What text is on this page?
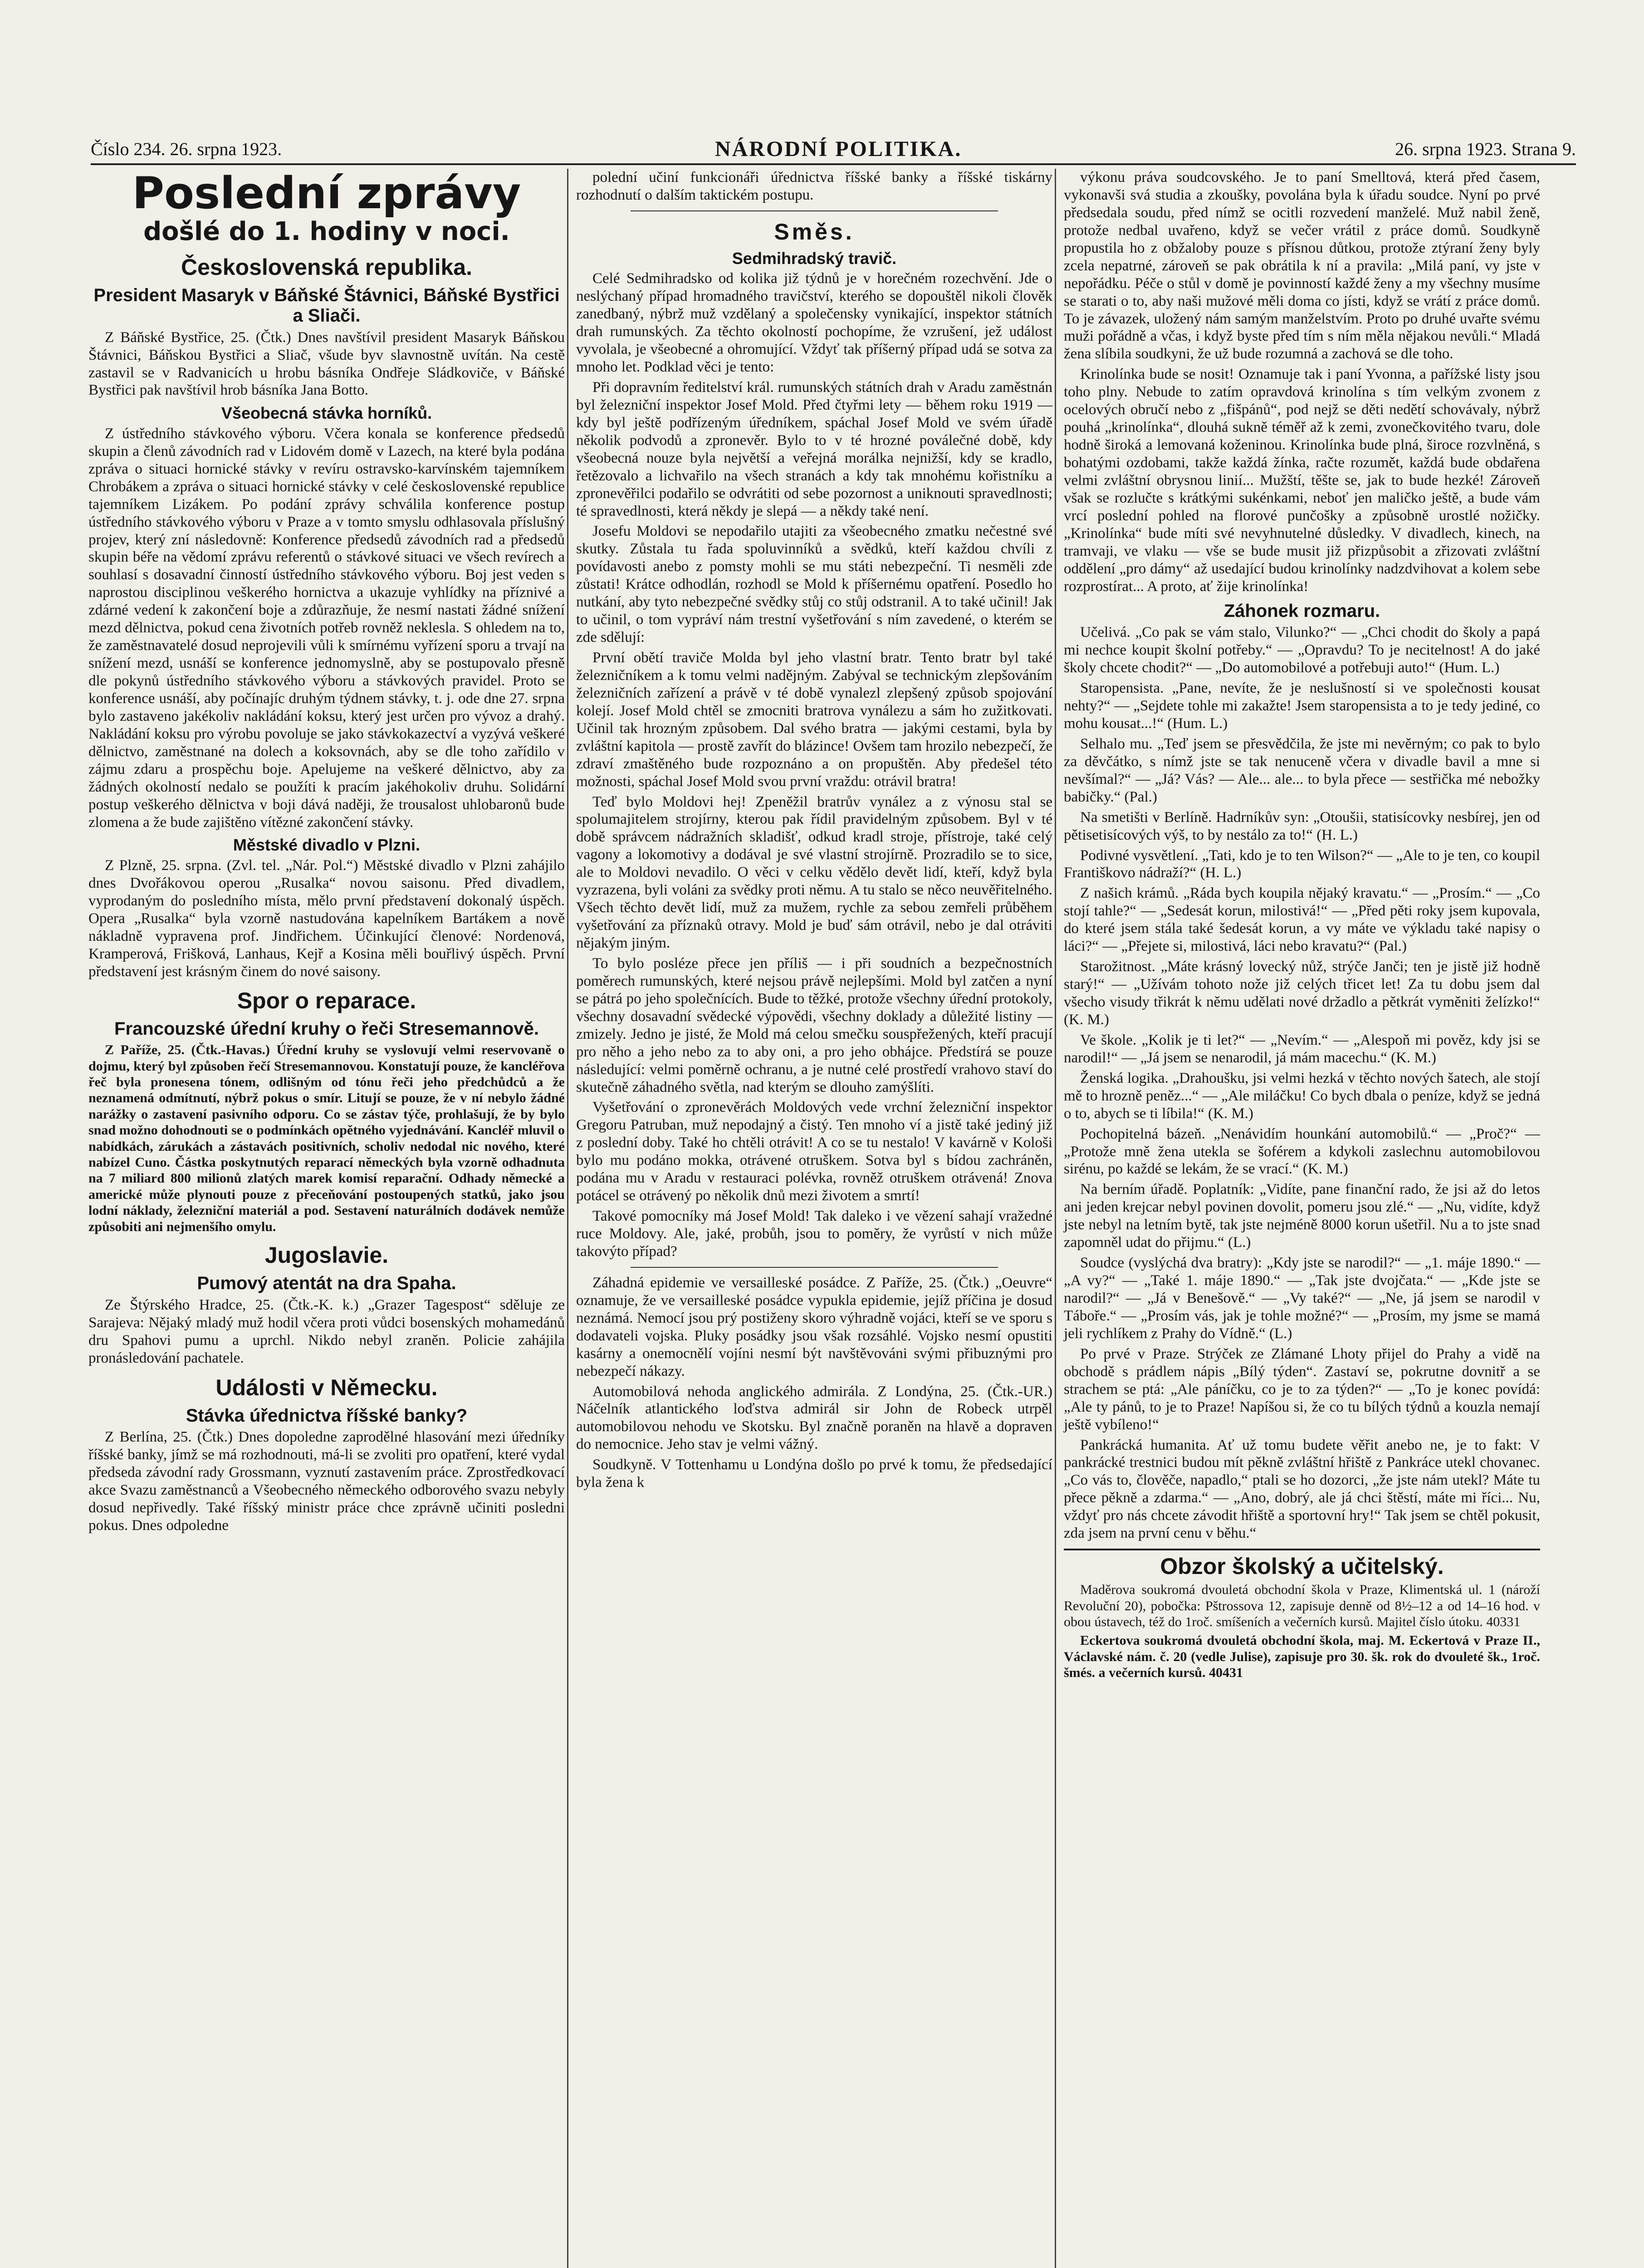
Číslo 234. 26. srpna 1923.	NÁRODNÍ POLITIKA.	26. srpna 1923. Strana 9.
Poslední zprávy
došlé do 1. hodiny v noci.
Československá republika.
President Masaryk v Báňské Štávnici, Báňské Bystřici a Sliači.

Z Báňské Bystřice, 25. (Čtk.) Dnes navštívil president Masaryk Báňskou Štávnici, Báňskou Bystřici a Sliač, všude byv slavnostně uvítán. Na cestě zastavil se v Radvanicích u hrobu básníka Ondřeje Sládkoviče, v Báňské Bystřici pak navštívil hrob básníka Jana Botto.

Všeobecná stávka horníků.

Z ústředního stávkového výboru. Včera konala se konference předsedů skupin a členů závodních rad v Lidovém domě v Lazech, na které byla podána zpráva o situaci hornické stávky v revíru ostravsko-karvínském tajemníkem Chrobákem a zpráva o situaci hornické stávky v celé československé republice tajemníkem Lizákem. Po podání zprávy schválila konference postup ústředního stávkového výboru v Praze a v tomto smyslu odhlasovala příslušný projev, který zní následovně: Konference předsedů závodních rad a předsedů skupin béře na vědomí zprávu referentů o stávkové situaci ve všech revírech a souhlasí s dosavadní činností ústředního stávkového výboru. Boj jest veden s naprostou disciplinou veškerého hornictva a ukazuje vyhlídky na příznivé a zdárné vedení k zakončení boje a zdůrazňuje, že nesmí nastati žádné snížení mezd dělnictva, pokud cena životních potřeb rovněž neklesla. S ohledem na to, že zaměstnavatelé dosud neprojevili vůli k smírnému vyřízení sporu a trvají na snížení mezd, usnáší se konference jednomyslně, aby se postupovalo přesně dle pokynů ústředního stávkového výboru a stávkových pravidel. Proto se konference usnáší, aby počínajíc druhým týdnem stávky, t. j. ode dne 27. srpna bylo zastaveno jakékoliv nakládání koksu, který jest určen pro vývoz a drahý. Nakládání koksu pro výrobu povoluje se jako stávkokazectví a vyzývá veškeré dělnictvo, zaměstnané na dolech a koksovnách, aby se dle toho zařídilo v zájmu zdaru a prospěchu boje. Apelujeme na veškeré dělnictvo, aby za žádných okolností nedalo se použíti k pracím jakéhokoliv druhu. Solidární postup veškerého dělnictva v boji dává naději, že trousalost uhlobaronů bude zlomena a že bude zajištěno vítězné zakončení stávky.

Městské divadlo v Plzni.

Z Plzně, 25. srpna. (Zvl. tel. „Nár. Pol.“) Městské divadlo v Plzni zahájilo dnes Dvořákovou operou „Rusalka“ novou saisonu. Před divadlem, vyprodaným do posledního místa, mělo první představení dokonalý úspěch. Opera „Rusalka“ byla vzorně nastudována kapelníkem Bartákem a nově nákladně vypravena prof. Jindřichem. Účinkující členové: Nordenová, Kramperová, Frišková, Lanhaus, Kejř a Kosina měli bouřlivý úspěch. První představení jest krásným činem do nové saisony.

Spor o reparace.
Francouzské úřední kruhy o řeči Stresemannově.

Z Paříže, 25. (Čtk.-Havas.) Úřední kruhy se vyslovují velmi reservovaně o dojmu, který byl způsoben řečí Stresemannovou. Konstatují pouze, že kancléřova řeč byla pronesena tónem, odlišným od tónu řeči jeho předchůdců a že neznamená odmítnutí, nýbrž pokus o smír. Litují se pouze, že v ní nebylo žádné narážky o zastavení pasivního odporu. Co se zástav týče, prohlašují, že by bylo snad možno dohodnouti se o podmínkách opětného vyjednávání. Kancléř mluvil o nabídkách, zárukách a zástavách positivních, scholiv nedodal nic nového, které nabízel Cuno. Částka poskytnutých reparací německých byla vzorně odhadnuta na 7 miliard 800 milionů zlatých marek komisí reparační. Odhady německé a americké může plynouti pouze z přeceňování postoupených statků, jako jsou lodní náklady, železniční materiál a pod. Sestavení naturálních dodávek nemůže způsobiti ani nejmenšího omylu.

Jugoslavie.
Pumový atentát na dra Spaha.

Ze Štýrského Hradce, 25. (Čtk.-K. k.) „Grazer Tagespost“ sděluje ze Sarajeva: Nějaký mladý muž hodil včera proti vůdci bosenských mohamedánů dru Spahovi pumu a uprchl. Nikdo nebyl zraněn. Policie zahájila pronásledování pachatele.

Události v Německu.
Stávka úřednictva říšské banky?

Z Berlína, 25. (Čtk.) Dnes dopoledne zaprodělné hlasování mezi úředníky říšské banky, jímž se má rozhodnouti, má-li se zvoliti pro opatření, které vydal předseda závodní rady Grossmann, vyznutí zastavením práce. Zprostředkovací akce Svazu zaměstnanců a Všeobecného německého odborového svazu nebyly dosud nepřivedly. Také říšský ministr práce chce zprávně učiniti posledni pokus. Dnes odpoledne

polední učiní funkcionáři úřednictva říšské banky a říšské tiskárny rozhodnutí o dalším taktickém postupu.

Směs.
Sedmihradský travič.

Celé Sedmihradsko od kolika již týdnů je v horečném rozechvění. Jde o neslýchaný případ hromadného travičství, kterého se dopouštěl nikoli člověk zanedbaný, nýbrž muž vzdělaný a společensky vynikající, inspektor státních drah rumunských. Za těchto okolností pochopíme, že vzrušení, jež událost vyvolala, je všeobecné a ohromující. Vždyť tak příšerný případ udá se sotva za mnoho let. Podklad věci je tento:

Při dopravním ředitelství král. rumunských státních drah v Aradu zaměstnán byl železniční inspektor Josef Mold. Před čtyřmi lety — během roku 1919 — kdy byl ještě podřízeným úředníkem, spáchal Josef Mold ve svém úřadě několik podvodů a zpronevěr. Bylo to v té hrozné poválečné době, kdy všeobecná nouze byla největší a veřejná morálka nejnižší, kdy se kradlo, řetězovalo a lichvařilo na všech stranách a kdy tak mnohému kořistníku a zpronevěřilci podařilo se odvrátiti od sebe pozornost a uniknouti spravedlnosti; té spravedlnosti, která někdy je slepá — a někdy také není.

Josefu Moldovi se nepodařilo utajiti za všeobecného zmatku nečestné své skutky. Zůstala tu řada spoluvinníků a svědků, kteří každou chvíli z povídavosti anebo z pomsty mohli se mu státi nebezpeční. Ti nesměli zde zůstati! Krátce odhodlán, rozhodl se Mold k příšernému opatření. Posedlo ho nutkání, aby tyto nebezpečné svědky stůj co stůj odstranil. A to také učinil! Jak to učinil, o tom vypráví nám trestní vyšetřování s ním zavedené, o kterém se zde sdělují:

První obětí traviče Molda byl jeho vlastní bratr. Tento bratr byl také železničníkem a k tomu velmi nadějným. Zabýval se technickým zlepšováním železničních zařízení a právě v té době vynalezl zlepšený způsob spojování kolejí. Josef Mold chtěl se zmocniti bratrova vynálezu a sám ho zužitkovati. Učinil tak hrozným způsobem. Dal svého bratra — jakými cestami, byla by zvláštní kapitola — prostě zavřít do blázince! Ovšem tam hrozilo nebezpečí, že zdraví zmaštěného bude rozpoznáno a on propuštěn. Aby předešel této možnosti, spáchal Josef Mold svou první vraždu: otrávil bratra!

Teď bylo Moldovi hej! Zpeněžil bratrův vynález a z výnosu stal se spolumajitelem strojírny, kterou pak řídil pravidelným způsobem. Byl v té době správcem nádražních skladišť, odkud kradl stroje, přístroje, také celý vagony a lokomotivy a dodával je své vlastní strojírně. Prozradilo se to sice, ale to Moldovi nevadilo. O věci v celku vědělo devět lidí, kteří, když byla vyzrazena, byli voláni za svědky proti němu. A tu stalo se něco neuvěřitelného. Všech těchto devět lidí, muž za mužem, rychle za sebou zemřeli průběhem vyšetřování za příznaků otravy. Mold je buď sám otrávil, nebo je dal otráviti nějakým jiným.

To bylo posléze přece jen příliš — i při soudních a bezpečnostních poměrech rumunských, které nejsou právě nejlepšími. Mold byl zatčen a nyní se pátrá po jeho společnících. Bude to těžké, protože všechny úřední protokoly, všechny dosavadní svědecké výpovědi, všechny doklady a důležité listiny — zmizely. Jedno je jisté, že Mold má celou smečku souspřežených, kteří pracují pro něho a jeho nebo za to aby oni, a pro jeho obhájce. Předstírá se pouze následující: velmi poměrně ochranu, a je nutné celé prostředí vrahovo staví do skutečně záhadného světla, nad kterým se dlouho zamýšlíti.

Vyšetřování o zpronevěrách Moldových vede vrchní železniční inspektor Gregoru Patruban, muž nepodajný a čistý. Ten mnoho ví a jistě také jediný již z poslední doby. Také ho chtěli otrávit! A co se tu nestalo! V kavárně v Kološi bylo mu podáno mokka, otrávené otruškem. Sotva byl s bídou zachráněn, podána mu v Aradu v restauraci polévka, rovněž otruškem otrávená! Znova potácel se otrávený po několik dnů mezi životem a smrtí!

Takové pomocníky má Josef Mold! Tak daleko i ve vězení sahají vražedné ruce Moldovy. Ale, jaké, probůh, jsou to poměry, že vyrůstí v nich může takovýto případ?

Záhadná epidemie ve versailleské posádce. Z Paříže, 25. (Čtk.) „Oeuvre“ oznamuje, že ve versailleské posádce vypukla epidemie, jejíž příčina je dosud neznámá. Nemocí jsou prý postiženy skoro výhradně vojáci, kteří se ve sporu s dodavateli vojska. Pluky posádky jsou však rozsáhlé. Vojsko nesmí opustiti kasárny a onemocnělí vojíni nesmí být navštěvováni svými přibuznými pro nebezpečí nákazy.

Automobilová nehoda anglického admirála. Z Londýna, 25. (Čtk.-UR.) Náčelník atlantického loďstva admirál sir John de Robeck utrpěl automobilovou nehodu ve Skotsku. Byl značně poraněn na hlavě a dopraven do nemocnice. Jeho stav je velmi vážný.

Soudkyně. V Tottenhamu u Londýna došlo po prvé k tomu, že předsedající byla žena k

výkonu práva soudcovského. Je to paní Smelltová, která před časem, vykonavši svá studia a zkoušky, povolána byla k úřadu soudce. Nyní po prvé předsedala soudu, před nímž se ocitli rozvedení manželé. Muž nabil ženě, protože nedbal uvařeno, když se večer vrátil z práce domů. Soudkyně propustila ho z obžaloby pouze s přísnou důtkou, protože ztýraní ženy byly zcela nepatrné, zároveň se pak obrátila k ní a pravila: „Milá paní, vy jste v nepořádku. Péče o stůl v domě je povinností každé ženy a my všechny musíme se starati o to, aby naši mužové měli doma co jísti, když se vrátí z práce domů. To je závazek, uložený nám samým manželstvím. Proto po druhé uvařte svému muži pořádně a včas, i když byste před tím s ním měla nějakou nevůli.“ Mladá žena slíbila soudkyni, že už bude rozumná a zachová se dle toho.

Krinolínka bude se nosit! Oznamuje tak i paní Yvonna, a pařížské listy jsou toho plny. Nebude to zatím opravdová krinolína s tím velkým zvonem z ocelových obručí nebo z „fišpánů“, pod nejž se děti nedětí schovávaly, nýbrž pouhá „krinolínka“, dlouhá sukně téměř až k zemi, zvonečkovitého tvaru, dole hodně široká a lemovaná koženinou. Krinolínka bude plná, široce rozvlněná, s bohatými ozdobami, takže každá žínka, račte rozumět, každá bude obdařena velmi zvláštní obrysnou linií... Mužští, těšte se, jak to bude hezké! Zároveň však se rozlučte s krátkými sukénkami, neboť jen maličko ještě, a bude vám vrcí poslední pohled na florové punčošky a způsobně urostlé nožičky. „Krinolínka“ bude míti své nevyhnutelné důsledky. V divadlech, kinech, na tramvaji, ve vlaku — vše se bude musit již přizpůsobit a zřizovati zvláštní oddělení „pro dámy“ až usedající budou krinolínky nadzdvihovat a kolem sebe rozprostírat... A proto, ať žije krinolínka!

Záhonek rozmaru.

Učelivá. „Co pak se vám stalo, Vilunko?“ — „Chci chodit do školy a papá mi nechce koupit školní potřeby.“ — „Opravdu? To je necitelnost! A do jaké školy chcete chodit?“ — „Do automobilové a potřebuji auto!“ (Hum. L.)

Staropensista. „Pane, nevíte, že je neslušností si ve společnosti kousat nehty?“ — „Sejdete tohle mi zakažte! Jsem staropensista a to je tedy jediné, co mohu kousat...!“ (Hum. L.)

Selhalo mu. „Teď jsem se přesvědčila, že jste mi nevěrným; co pak to bylo za děvčátko, s nímž jste se tak nenuceně včera v divadle bavil a mne si nevšímal?“ — „Já? Vás? — Ale... ale... to byla přece — sestřička mé nebožky babičky.“ (Pal.)

Na smetišti v Berlíně. Hadrníkův syn: „Otoušii, statisícovky nesbírej, jen od pětisetisícových výš, to by nestálo za to!“ (H. L.)

Podivné vysvětlení. „Tati, kdo je to ten Wilson?“ — „Ale to je ten, co koupil Františkovo nádraží?“ (H. L.)

Z našich krámů. „Ráda bych koupila nějaký kravatu.“ — „Prosím.“ — „Co stojí tahle?“ — „Sedesát korun, milostivá!“ — „Před pěti roky jsem kupovala, do které jsem stála také šedesát korun, a vy máte ve výkladu také napisy o láci?“ — „Přejete si, milostivá, láci nebo kravatu?“ (Pal.)

Starožitnost. „Máte krásný lovecký nůž, strýče Janči; ten je jistě již hodně starý!“ — „Užívám tohoto nože již celých třicet let! Za tu dobu jsem dal všecho visudy třikrát k němu udělati nové držadlo a pětkrát vyměniti želízko!“ (K. M.)

Ve škole. „Kolik je ti let?“ — „Nevím.“ — „Alespoň mi pověz, kdy jsi se narodil!“ — „Já jsem se nenarodil, já mám macechu.“ (K. M.)

Ženská logika. „Drahoušku, jsi velmi hezká v těchto nových šatech, ale stojí mě to hrozně peněz...“ — „Ale miláčku! Co bych dbala o peníze, když se jedná o to, abych se ti líbila!“ (K. M.)

Pochopitelná bázeň. „Nenávidím hounkání automobilů.“ — „Proč?“ — „Protože mně žena utekla se šoférem a kdykoli zaslechnu automobilovou sirénu, po každé se lekám, že se vrací.“ (K. M.)

Na berním úřadě. Poplatník: „Vidíte, pane finanční rado, že jsi až do letos ani jeden krejcar nebyl povinen dovolit, pomeru jsou zlé.“ — „Nu, vidíte, když jste nebyl na letním bytě, tak jste nejméně 8000 korun ušetřil. Nu a to jste snad zapomněl udat do přijmu.“ (L.)

Soudce (vyslýchá dva bratry): „Kdy jste se narodil?“ — „1. máje 1890.“ — „A vy?“ — „Také 1. máje 1890.“ — „Tak jste dvojčata.“ — „Kde jste se narodil?“ — „Já v Benešově.“ — „Vy také?“ — „Ne, já jsem se narodil v Táboře.“ — „Prosím vás, jak je tohle možné?“ — „Prosím, my jsme se mamá jeli rychlíkem z Prahy do Vídně.“ (L.)

Po prvé v Praze. Strýček ze Zlámané Lhoty přijel do Prahy a vidě na obchodě s prádlem nápis „Bílý týden“. Zastaví se, pokrutne dovnitř a se strachem se ptá: „Ale páníčku, co je to za týden?“ — „To je konec povídá: „Ale ty pánů, to je to Praze! Napíšou si, že co tu bílých týdnů a kouzla nemají ještě vybíleno!“

Pankrácká humanita. Ať už tomu budete věřit anebo ne, je to fakt: V pankrácké trestnici budou mít pěkně zvláštní hřiště z Pankráce utekl chovanec. „Co vás to, člověče, napadlo,“ ptali se ho dozorci, „že jste nám utekl? Máte tu přece pěkně a zdarma.“ — „Ano, dobrý, ale já chci štěstí, máte mi říci... Nu, vždyť pro nás chcete závodit hřiště a sportovní hry!“ Tak jsem se chtěl pokusit, zda jsem na první cenu v běhu.“

Obzor školský a učitelský.

Maděrova soukromá dvouletá obchodní škola v Praze, Klimentská ul. 1 (nároží Revoluční 20), pobočka: Pštrossova 12, zapisuje denně od 8½–12 a od 14–16 hod. v obou ústavech, též do 1roč. smíšeních a večerních kursů. Majitel číslo útoku. 40331

Eckertova soukromá dvouletá obchodní škola, maj. M. Eckertová v Praze II., Václavské nám. č. 20 (vedle Julise), zapisuje pro 30. šk. rok do dvouleté šk., 1roč. šmés. a večerních kursů. 40431
